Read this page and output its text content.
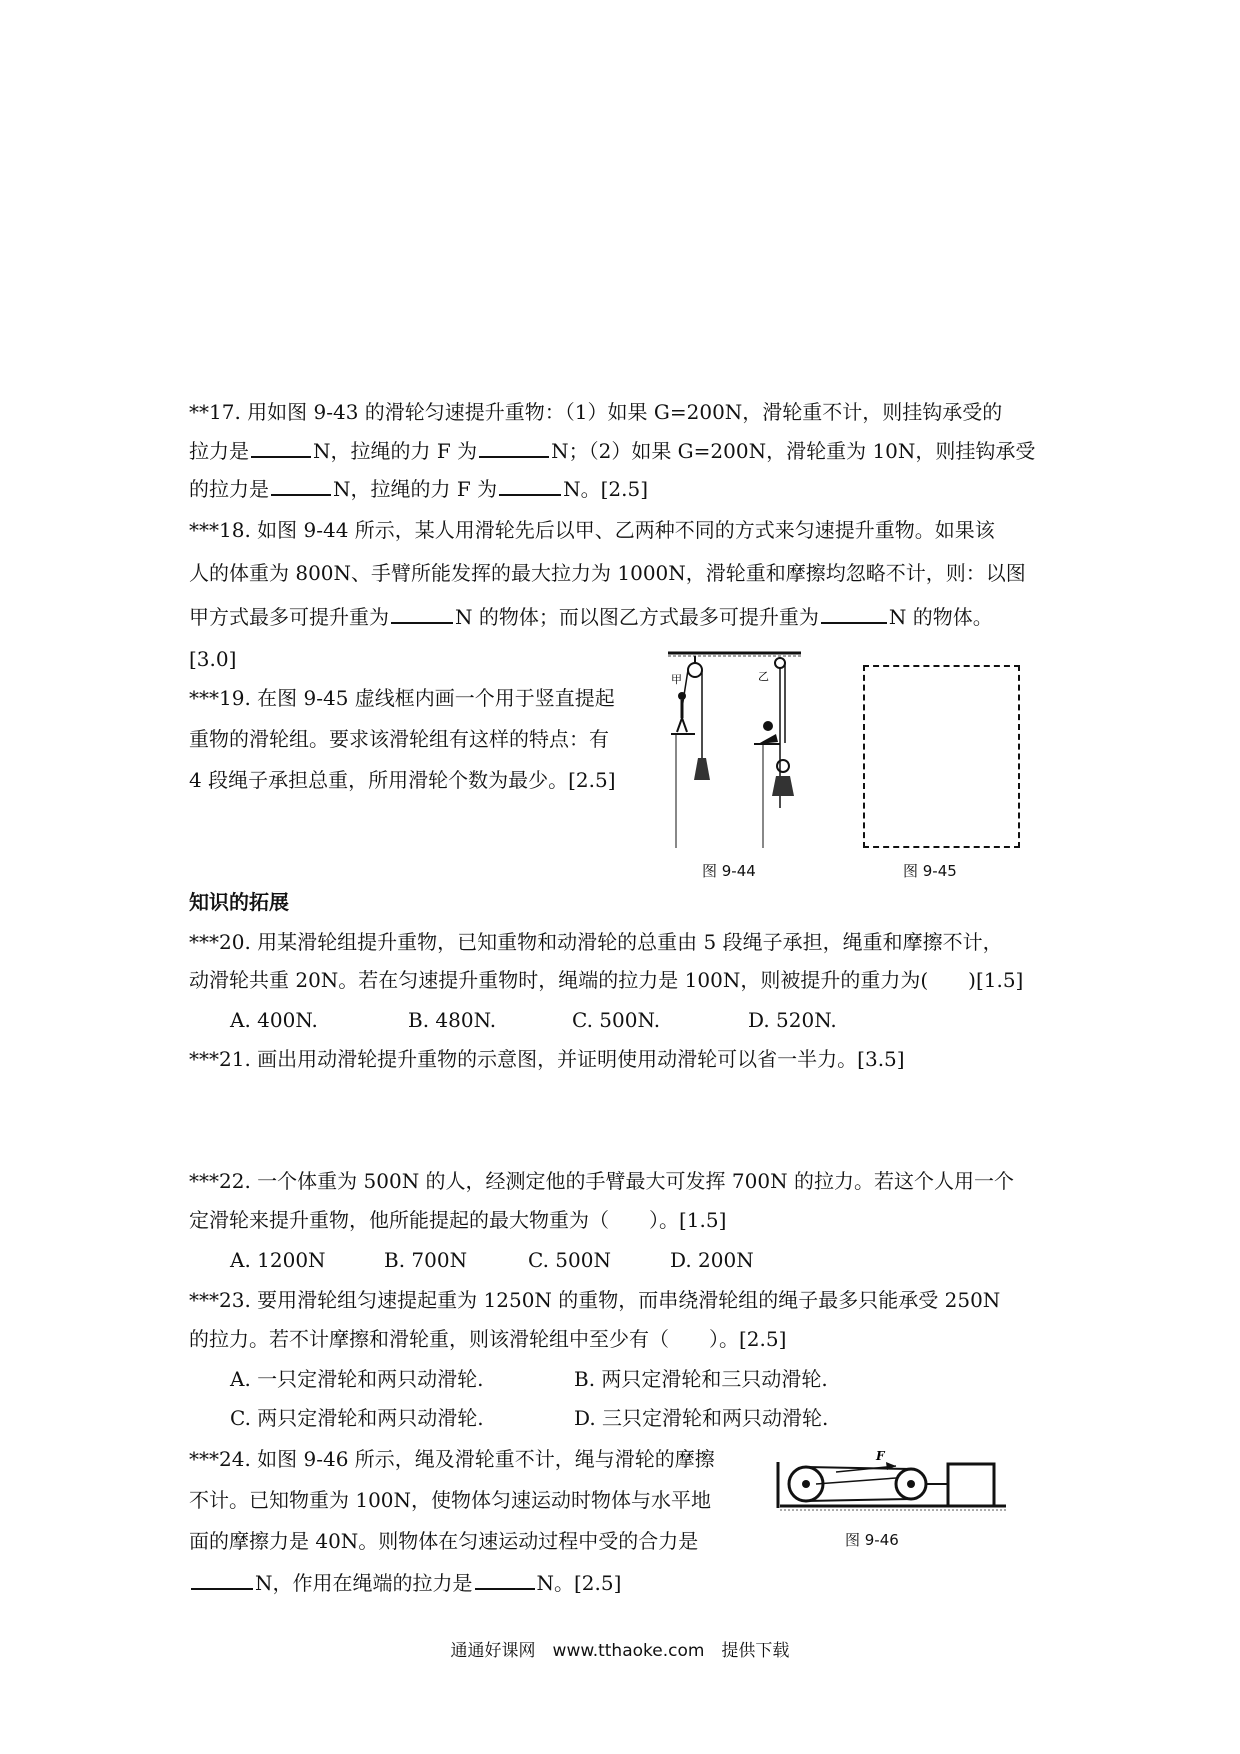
**17. 用如图 9-43 的滑轮匀速提升重物：（1）如果 G=200N，滑轮重不计，则挂钩承受的
拉力是	N，拉绳的力 F 为	N；（2）如果 G=200N，滑轮重为 10N，则挂钩承受
的拉力是	N，拉绳的力 F 为	N。[2.5]
***18. 如图 9-44 所示，某人用滑轮先后以甲、乙两种不同的方式来匀速提升重物。如果该
人的体重为 800N、手臂所能发挥的最大拉力为 1000N，滑轮重和摩擦均忽略不计，则：以图
甲方式最多可提升重为	N 的物体；而以图乙方式最多可提升重为	N 的物体。
[3.0]
***19. 在图 9-45 虚线框内画一个用于竖直提起
重物的滑轮组。要求该滑轮组有这样的特点：有
4 段绳子承担总重，所用滑轮个数为最少。[2.5]
甲	乙
图 9-44	图 9-45
知识的拓展
***20. 用某滑轮组提升重物，已知重物和动滑轮的总重由 5 段绳子承担，绳重和摩擦不计，
动滑轮共重 20N。若在匀速提升重物时，绳端的拉力是 100N，则被提升的重力为(　　)[1.5]
A. 400N.	B. 480N.	C. 500N.	D. 520N.
***21. 画出用动滑轮提升重物的示意图，并证明使用动滑轮可以省一半力。[3.5]
***22. 一个体重为 500N 的人，经测定他的手臂最大可发挥 700N 的拉力。若这个人用一个
定滑轮来提升重物，他所能提起的最大物重为（　　）。[1.5]
A. 1200N	B. 700N	C. 500N	D. 200N
***23. 要用滑轮组匀速提起重为 1250N 的重物，而串绕滑轮组的绳子最多只能承受 250N
的拉力。若不计摩擦和滑轮重，则该滑轮组中至少有（　　）。[2.5]
A. 一只定滑轮和两只动滑轮.	B. 两只定滑轮和三只动滑轮.
C. 两只定滑轮和两只动滑轮.	D. 三只定滑轮和两只动滑轮.
***24. 如图 9-46 所示，绳及滑轮重不计，绳与滑轮的摩擦
不计。已知物重为 100N，使物体匀速运动时物体与水平地
面的摩擦力是 40N。则物体在匀速运动过程中受的合力是
N，作用在绳端的拉力是	N。[2.5]
F
图 9-46
通通好课网　www.tthaoke.com　提供下载
